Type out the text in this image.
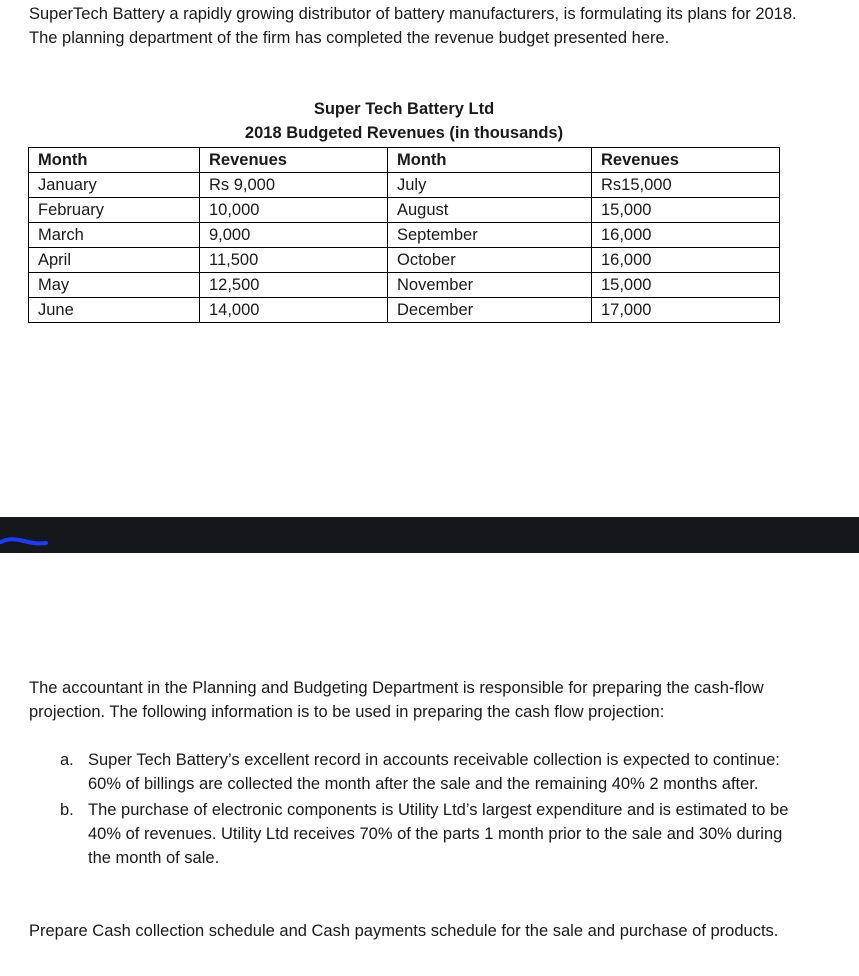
SuperTech Battery a rapidly growing distributor of battery manufacturers, is formulating its plans for 2018.
The planning department of the firm has completed the revenue budget presented here.
Super Tech Battery Ltd
2018 Budgeted Revenues (in thousands)
Month	Revenues	Month	Revenues
January	Rs 9,000	July	Rs15,000
February	10,000	August	15,000
March	9,000	September	16,000
April	11,500	October	16,000
May	12,500	November	15,000
June	14,000	December	17,000

The accountant in the Planning and Budgeting Department is responsible for preparing the cash-flow projection. The following information is to be used in preparing the cash flow projection:

a. Super Tech Battery’s excellent record in accounts receivable collection is expected to continue: 60% of billings are collected the month after the sale and the remaining 40% 2 months after.
b. The purchase of electronic components is Utility Ltd’s largest expenditure and is estimated to be 40% of revenues. Utility Ltd receives 70% of the parts 1 month prior to the sale and 30% during the month of sale.

Prepare Cash collection schedule and Cash payments schedule for the sale and purchase of products.
